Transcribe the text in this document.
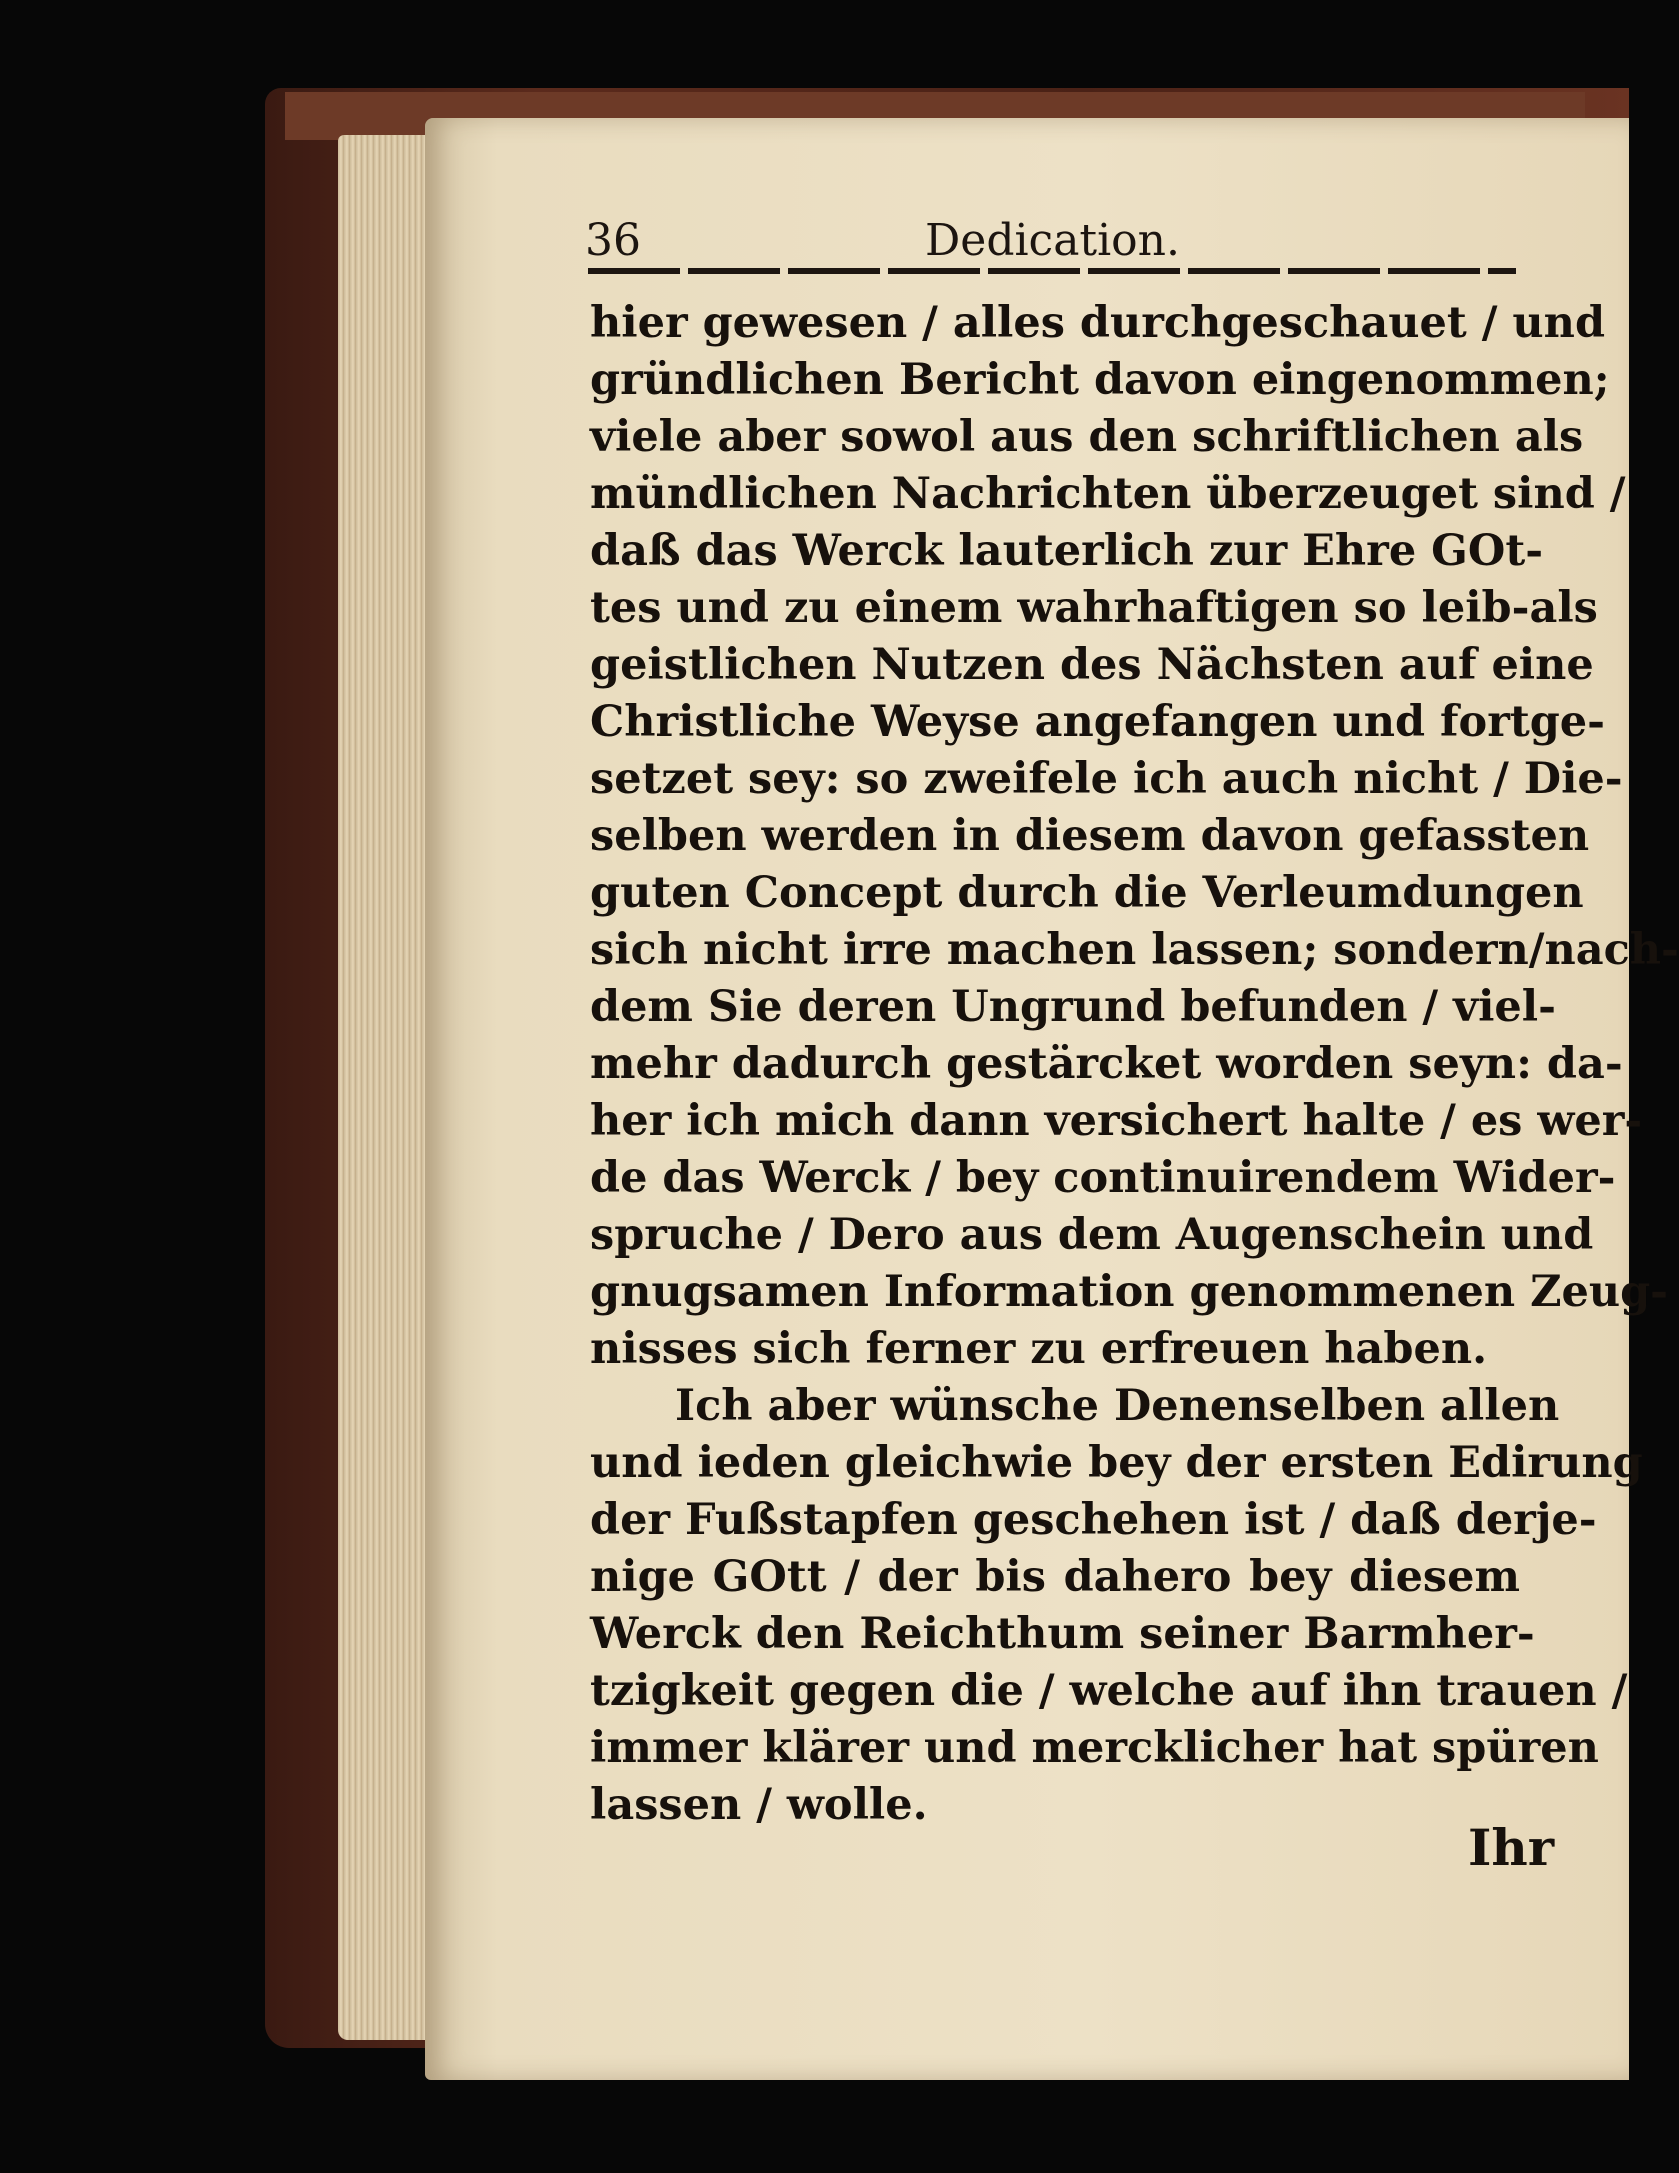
36	Dedication.
hier gewesen / alles durchgeschauet / und
gründlichen Bericht davon eingenommen;
viele aber sowol aus den schriftlichen als
mündlichen Nachrichten überzeuget sind /
daß das Werck lauterlich zur Ehre GOt-
tes und zu einem wahrhaftigen so leib-als
geistlichen Nutzen des Nächsten auf eine
Christliche Weyse angefangen und fortge-
setzet sey: so zweifele ich auch nicht / Die-
selben werden in diesem davon gefassten
guten Concept durch die Verleumdungen
sich nicht irre machen lassen; sondern/nach-
dem Sie deren Ungrund befunden / viel-
mehr dadurch gestärcket worden seyn: da-
her ich mich dann versichert halte / es wer-
de das Werck / bey continuirendem Wider-
spruche / Dero aus dem Augenschein und
gnugsamen Information genommenen Zeug-
nisses sich ferner zu erfreuen haben.
Ich aber wünsche Denenselben allen
und ieden gleichwie bey der ersten Edirung
der Fußstapfen geschehen ist / daß derje-
nige GOtt / der bis dahero bey diesem
Werck den Reichthum seiner Barmher-
tzigkeit gegen die / welche auf ihn trauen /
immer klärer und mercklicher hat spüren
lassen / wolle.
Ihr
